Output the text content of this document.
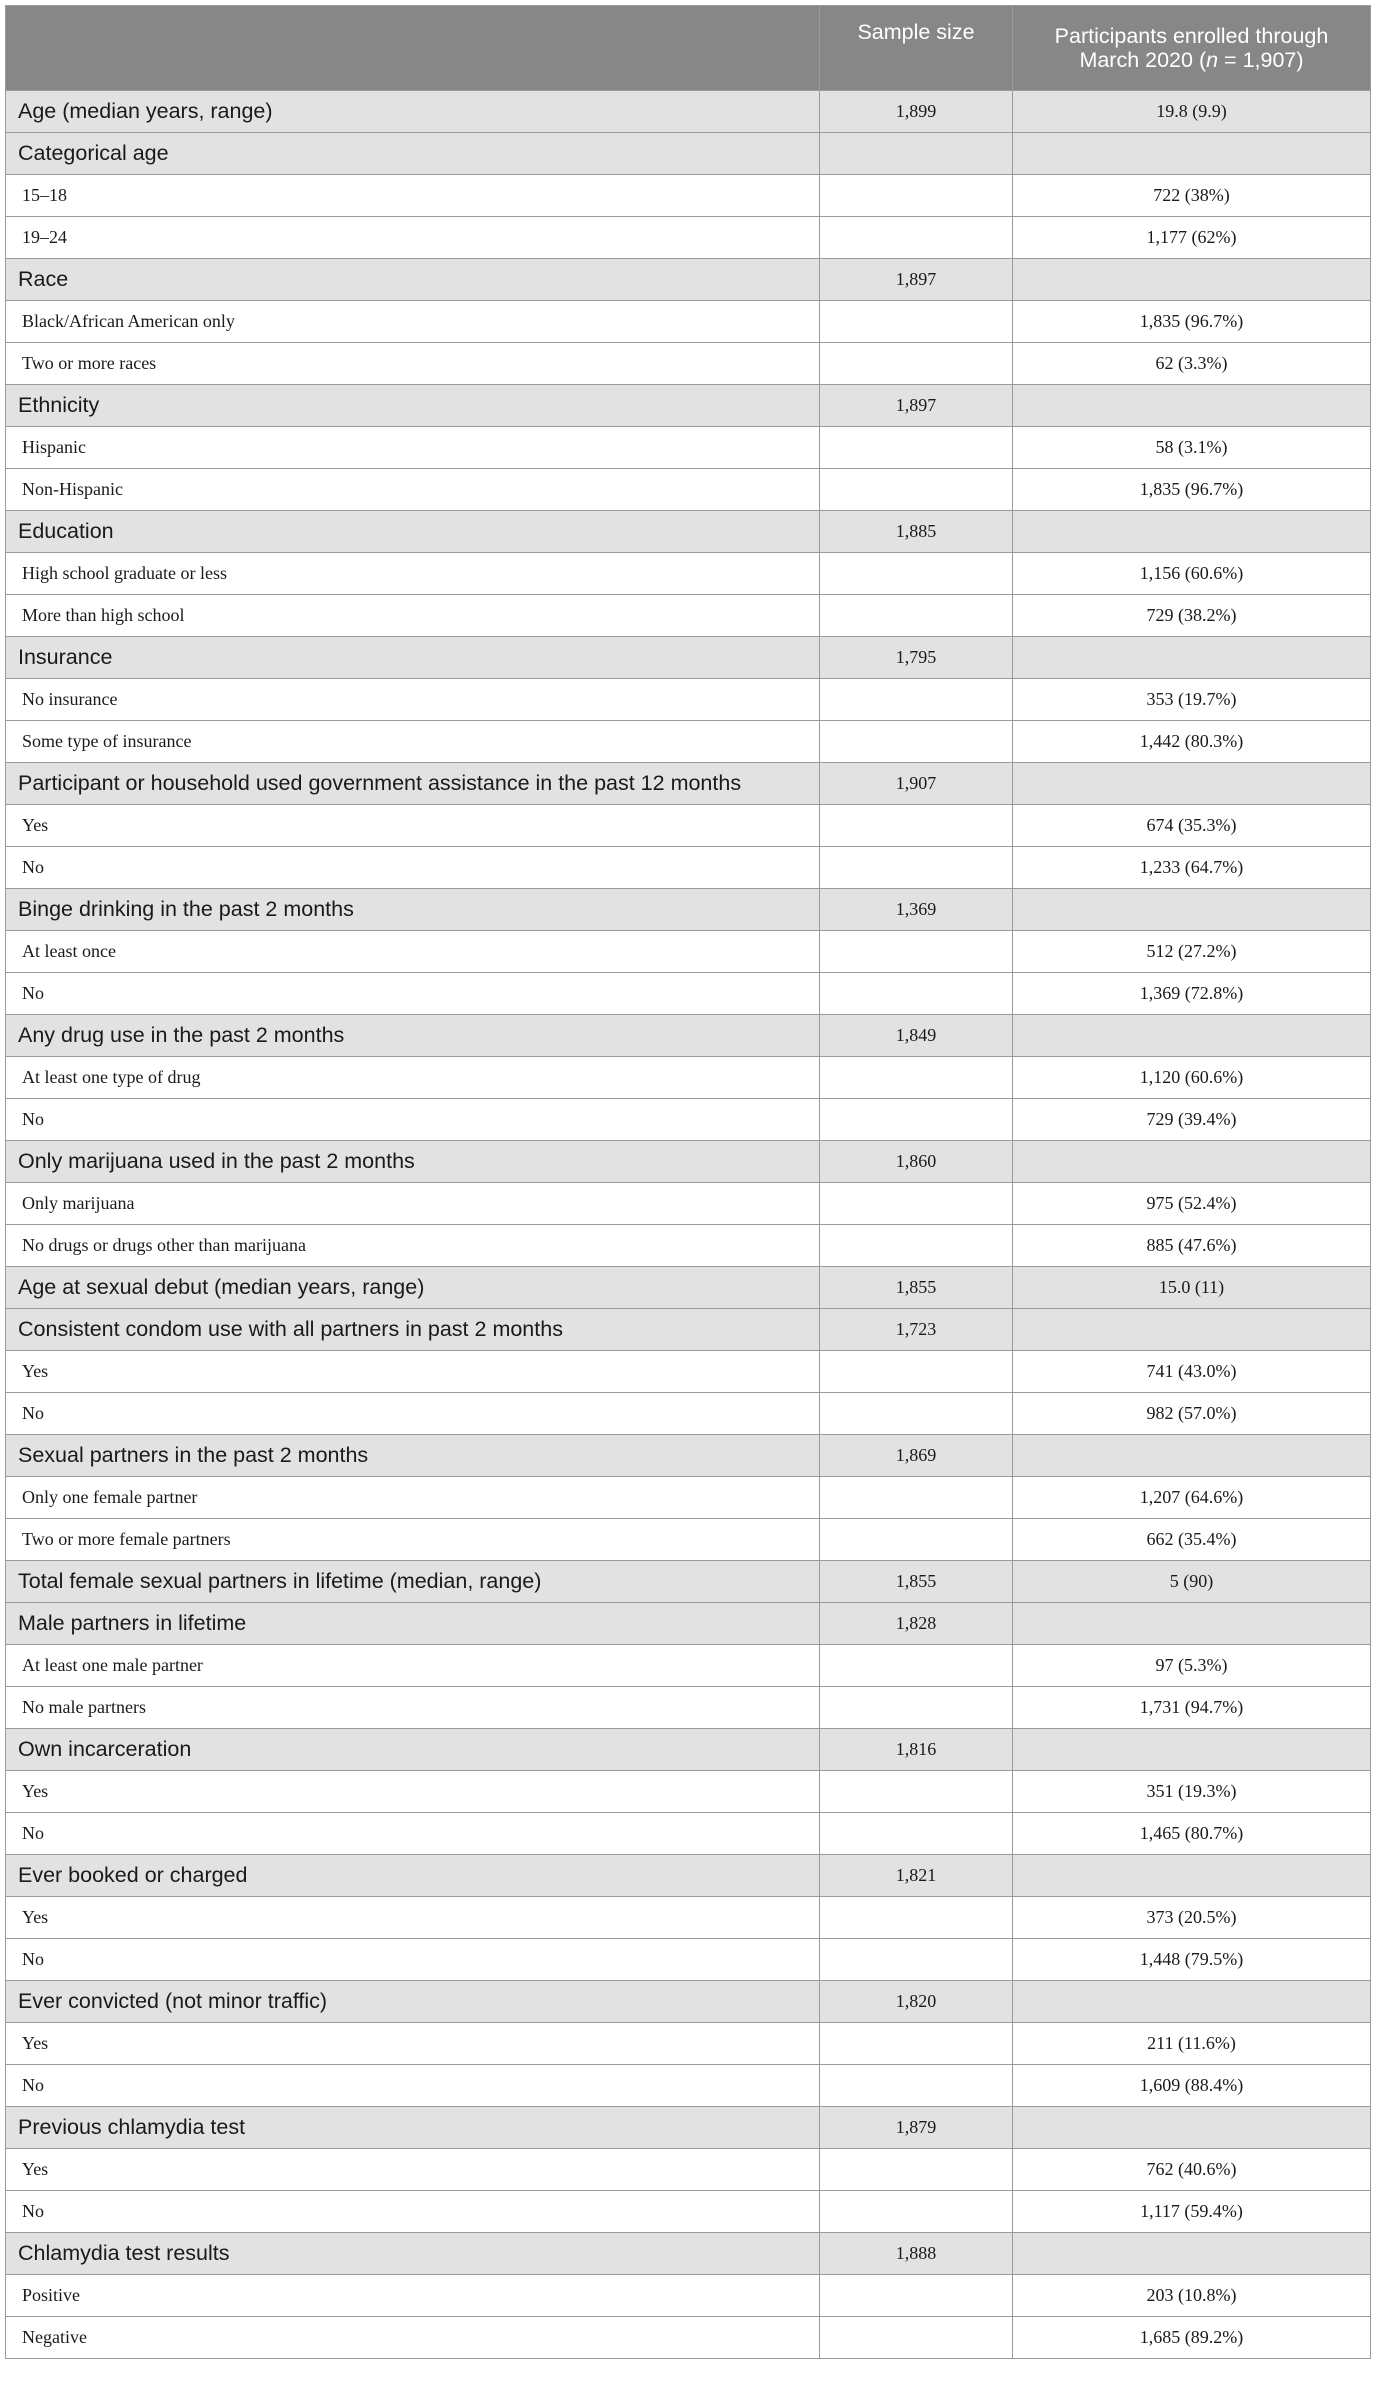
	Sample size	Participants enrolled through
March 2020 (n = 1,907)
Age (median years, range)	1,899	19.8 (9.9)
Categorical age		
15–18		722 (38%)
19–24		1,177 (62%)
Race	1,897	
Black/African American only		1,835 (96.7%)
Two or more races		62 (3.3%)
Ethnicity	1,897	
Hispanic		58 (3.1%)
Non-Hispanic		1,835 (96.7%)
Education	1,885	
High school graduate or less		1,156 (60.6%)
More than high school		729 (38.2%)
Insurance	1,795	
No insurance		353 (19.7%)
Some type of insurance		1,442 (80.3%)
Participant or household used government assistance in the past 12 months	1,907	
Yes		674 (35.3%)
No		1,233 (64.7%)
Binge drinking in the past 2 months	1,369	
At least once		512 (27.2%)
No		1,369 (72.8%)
Any drug use in the past 2 months	1,849	
At least one type of drug		1,120 (60.6%)
No		729 (39.4%)
Only marijuana used in the past 2 months	1,860	
Only marijuana		975 (52.4%)
No drugs or drugs other than marijuana		885 (47.6%)
Age at sexual debut (median years, range)	1,855	15.0 (11)
Consistent condom use with all partners in past 2 months	1,723	
Yes		741 (43.0%)
No		982 (57.0%)
Sexual partners in the past 2 months	1,869	
Only one female partner		1,207 (64.6%)
Two or more female partners		662 (35.4%)
Total female sexual partners in lifetime (median, range)	1,855	5 (90)
Male partners in lifetime	1,828	
At least one male partner		97 (5.3%)
No male partners		1,731 (94.7%)
Own incarceration	1,816	
Yes		351 (19.3%)
No		1,465 (80.7%)
Ever booked or charged	1,821	
Yes		373 (20.5%)
No		1,448 (79.5%)
Ever convicted (not minor traffic)	1,820	
Yes		211 (11.6%)
No		1,609 (88.4%)
Previous chlamydia test	1,879	
Yes		762 (40.6%)
No		1,117 (59.4%)
Chlamydia test results	1,888	
Positive		203 (10.8%)
Negative		1,685 (89.2%)
